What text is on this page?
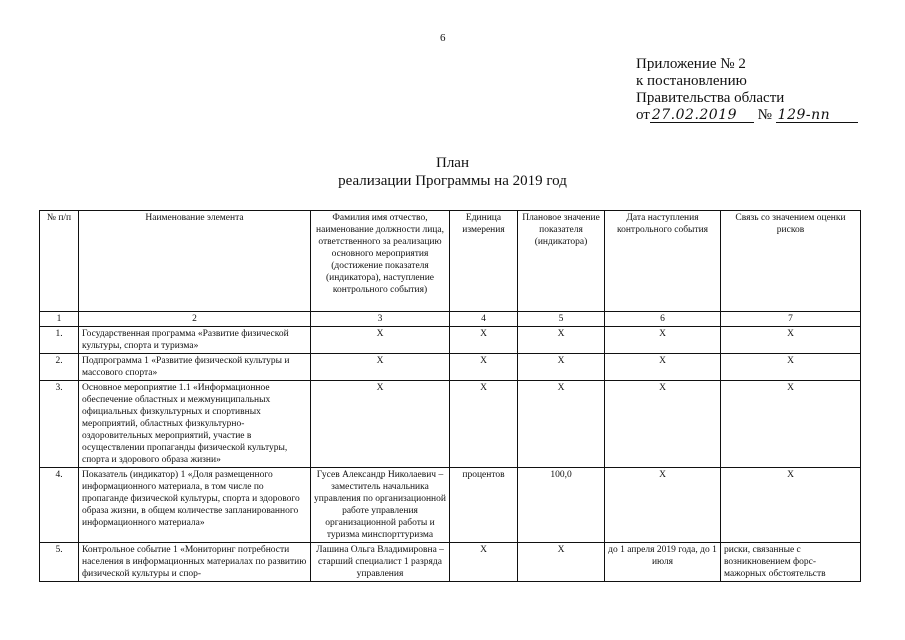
6
Приложение № 2
к постановлению
Правительства области
от 27.02.2019 № 129-пп
План
реализации Программы на 2019 год
№ п/п	Наименование элемента	Фамилия имя отчество, наименование должности лица, ответственного за реализацию основного мероприятия (достижение показателя (индикатора), наступление контрольного события)	Единица измерения	Плановое значение показателя (индикатора)	Дата наступления контрольного события	Связь со значением оценки рисков
1	2	3	4	5	6	7
1.	Государственная программа «Развитие физической культуры, спорта и туризма»	X	X	X	X	X
2.	Подпрограмма 1 «Развитие физической культуры и массового спорта»	X	X	X	X	X
3.	Основное мероприятие 1.1 «Информационное обеспечение областных и межмуниципальных официальных физкультурных и спортивных мероприятий, областных физкультурно-оздоровительных мероприятий, участие в осуществлении пропаганды физической культуры, спорта и здорового образа жизни»	X	X	X	X	X
4.	Показатель (индикатор) 1 «Доля размещенного информационного материала, в том числе по пропаганде физической культуры, спорта и здорового образа жизни, в общем количестве запланированного информационного материала»	Гусев Александр Николаевич – заместитель начальника управления по организационной работе управления организационной работы и туризма минспорттуризма	процентов	100,0	X	X
5.	Контрольное событие 1 «Мониторинг потребности населения в информационных материалах по развитию физической культуры и спор-	Лашина Ольга Владимировна – старший специалист 1 разряда управления	X	X	до 1 апреля 2019 года, до 1 июля	риски, связанные с возникновением форс-мажорных обстоятельств
